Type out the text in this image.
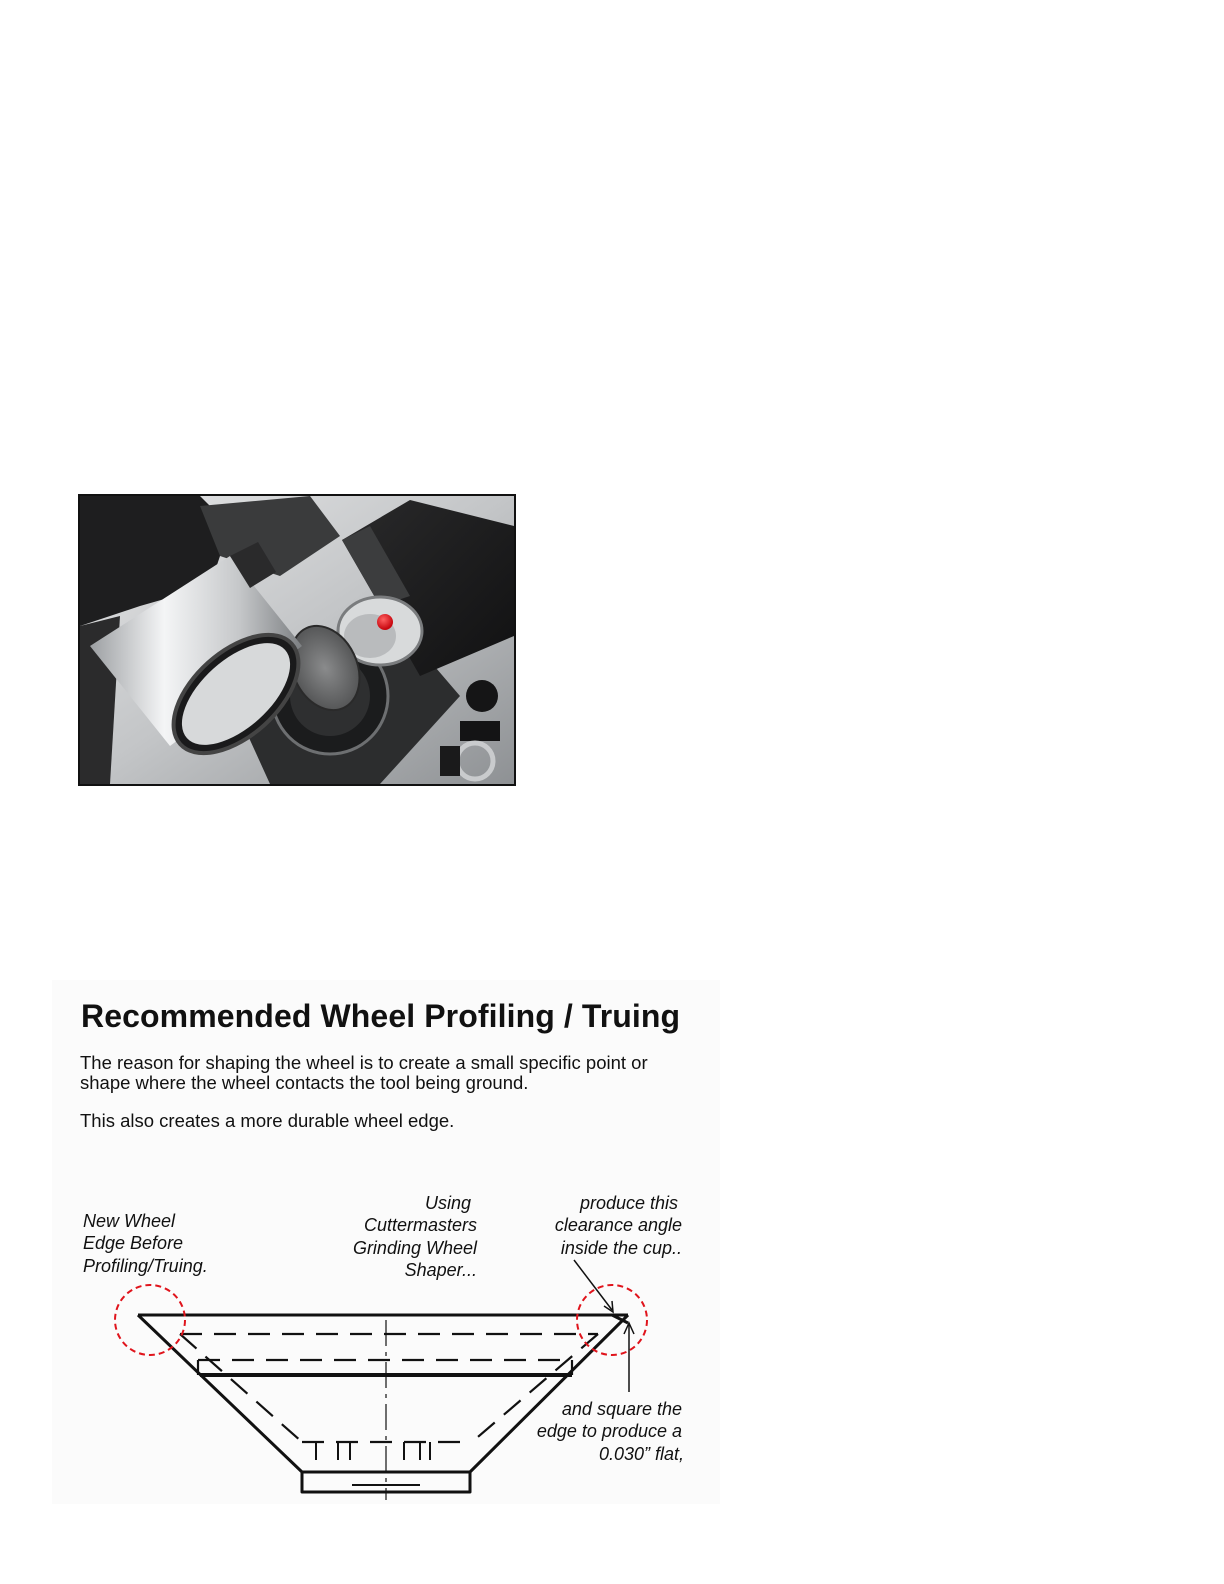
Recommended Wheel Profiling / Truing

The reason for shaping the wheel is to create a small specific point or shape where the wheel contacts the tool being ground.

This also creates a more durable wheel edge.

New Wheel
Edge Before
Profiling/Truing.

Using
Cuttermasters
Grinding Wheel
Shaper...

produce this
clearance angle
inside the cup..

and square the
edge to produce a
0.030” flat,
